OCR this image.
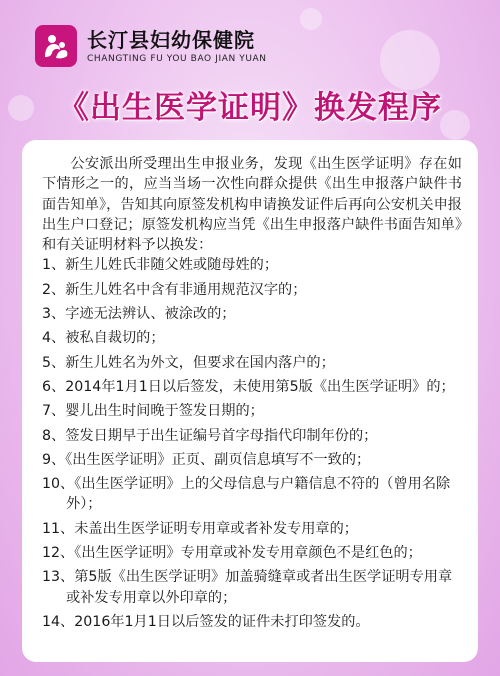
长汀县妇幼保健院
CHANGTING FU YOU BAO JIAN YUAN
《出生医学证明》换发程序

公安派出所受理出生申报业务，发现《出生医学证明》存在如下情形之一的，应当当场一次性向群众提供《出生申报落户缺件书面告知单》，告知其向原签发机构申请换发证件后再向公安机关申报出生户口登记；原签发机构应当凭《出生申报落户缺件书面告知单》和有关证明材料予以换发：

1、新生儿姓氏非随父姓或随母姓的；
2、新生儿姓名中含有非通用规范汉字的；
3、字迹无法辨认、被涂改的；
4、被私自裁切的；
5、新生儿姓名为外文，但要求在国内落户的；
6、2014年1月1日以后签发，未使用第5版《出生医学证明》的；
7、婴儿出生时间晚于签发日期的；
8、签发日期早于出生证编号首字母指代印制年份的；
9、《出生医学证明》正页、副页信息填写不一致的；
10、《出生医学证明》上的父母信息与户籍信息不符的（曾用名除外）；
11、未盖出生医学证明专用章或者补发专用章的；
12、《出生医学证明》专用章或补发专用章颜色不是红色的；
13、第5版《出生医学证明》加盖骑缝章或者出生医学证明专用章或补发专用章以外印章的；
14、2016年1月1日以后签发的证件未打印签发的。
